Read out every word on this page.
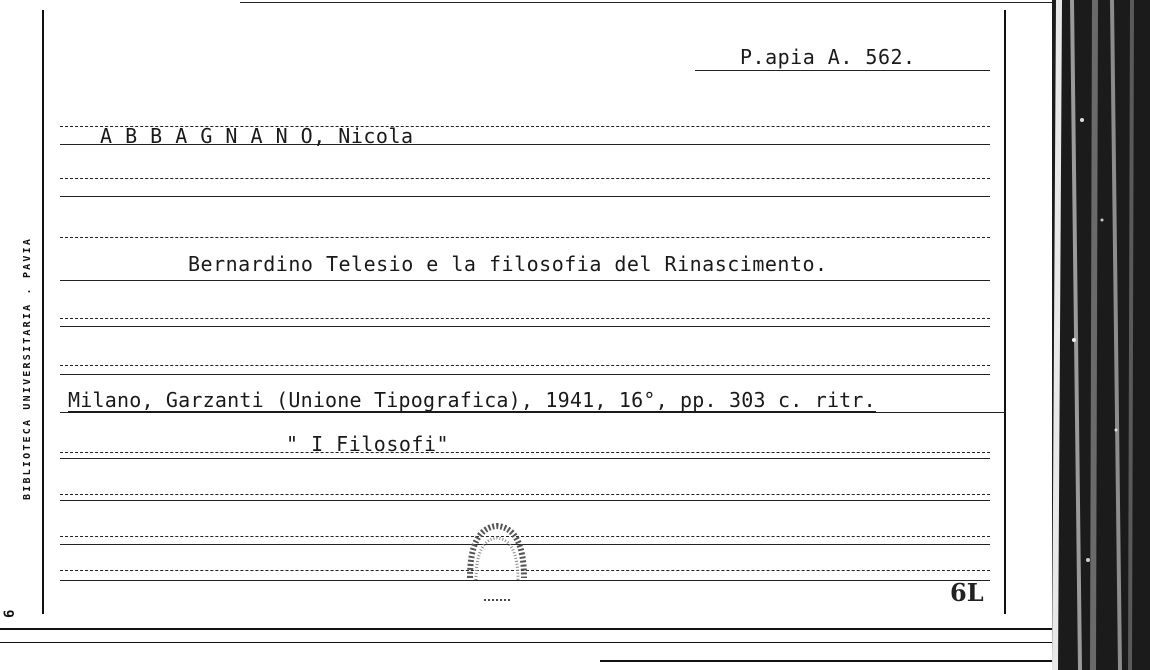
P.apia A. 562.
A B B A G N A N O, Nicola
Bernardino Telesio e la filosofia del Rinascimento.
Milano, Garzanti (Unione Tipografica), 1941, 16°, pp. 303 c. ritr.
" I Filosofi"
6L
BIBLIOTECA UNIVERSITARIA . PAVIA
6
